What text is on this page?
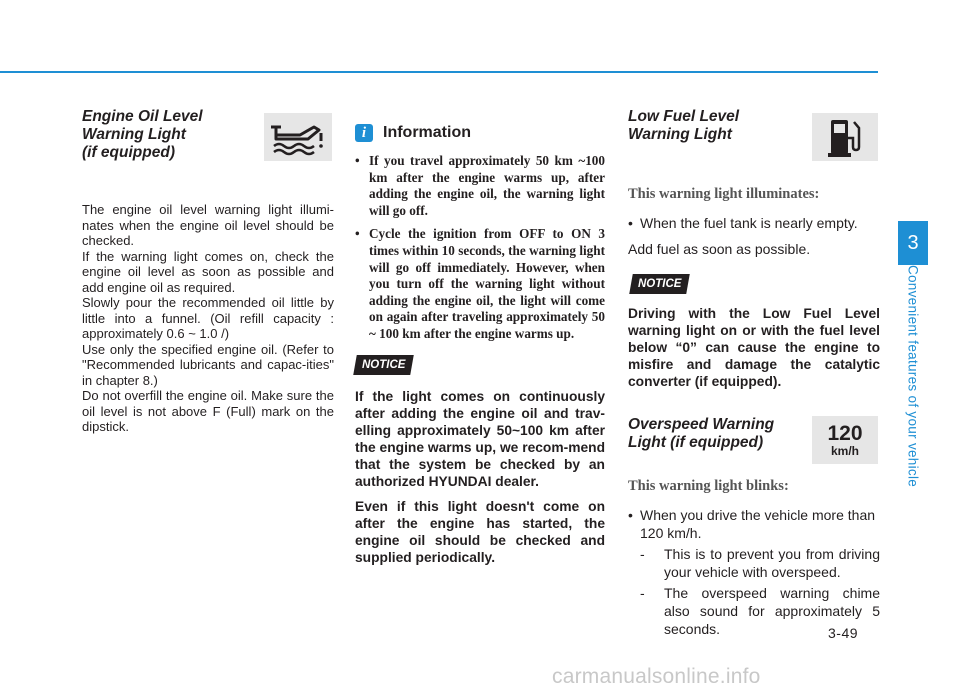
Engine Oil Level
Warning Light
(if equipped)

The engine oil level warning light illumi-nates when the engine oil level should be checked.

If the warning light comes on, check the engine oil level as soon as possible and add engine oil as required.

Slowly pour the recommended oil little by little into a funnel. (Oil refill capacity : approximately 0.6 ~ 1.0 /)

Use only the specified engine oil. (Refer to "Recommended lubricants and capac-ities" in chapter 8.)

Do not overfill the engine oil. Make sure the oil level is not above F (Full) mark on the dipstick.

i	Information
• If you travel approximately 50 km ~100 km after the engine warms up, after adding the engine oil, the warning light will go off.
• Cycle the ignition from OFF to ON 3 times within 10 seconds, the warning light will go off immediately. However, when you turn off the warning light without adding the engine oil, the light will come on again after traveling approximately 50 ~ 100 km after the engine warms up.
NOTICE

If the light comes on continuously after adding the engine oil and trav-elling approximately 50~100 km after the engine warms up, we recom-mend that the system be checked by an authorized HYUNDAI dealer.

Even if this light doesn't come on after the engine has started, the engine oil should be checked and supplied periodically.

Low Fuel Level
Warning Light
This warning light illuminates:
• When the fuel tank is nearly empty.

Add fuel as soon as possible.

NOTICE

Driving with the Low Fuel Level warning light on or with the fuel level below “0” can cause the engine to misfire and damage the catalytic converter (if equipped).

Overspeed Warning
Light (if equipped)	120
km/h
This warning light blinks:
• When you drive the vehicle more than 120 km/h.
- This is to prevent you from driving your vehicle with overspeed.
- The overspeed warning chime also sound for approximately 5 seconds.
3
Convenient features of your vehicle
3-49
carmanualsonline.info
